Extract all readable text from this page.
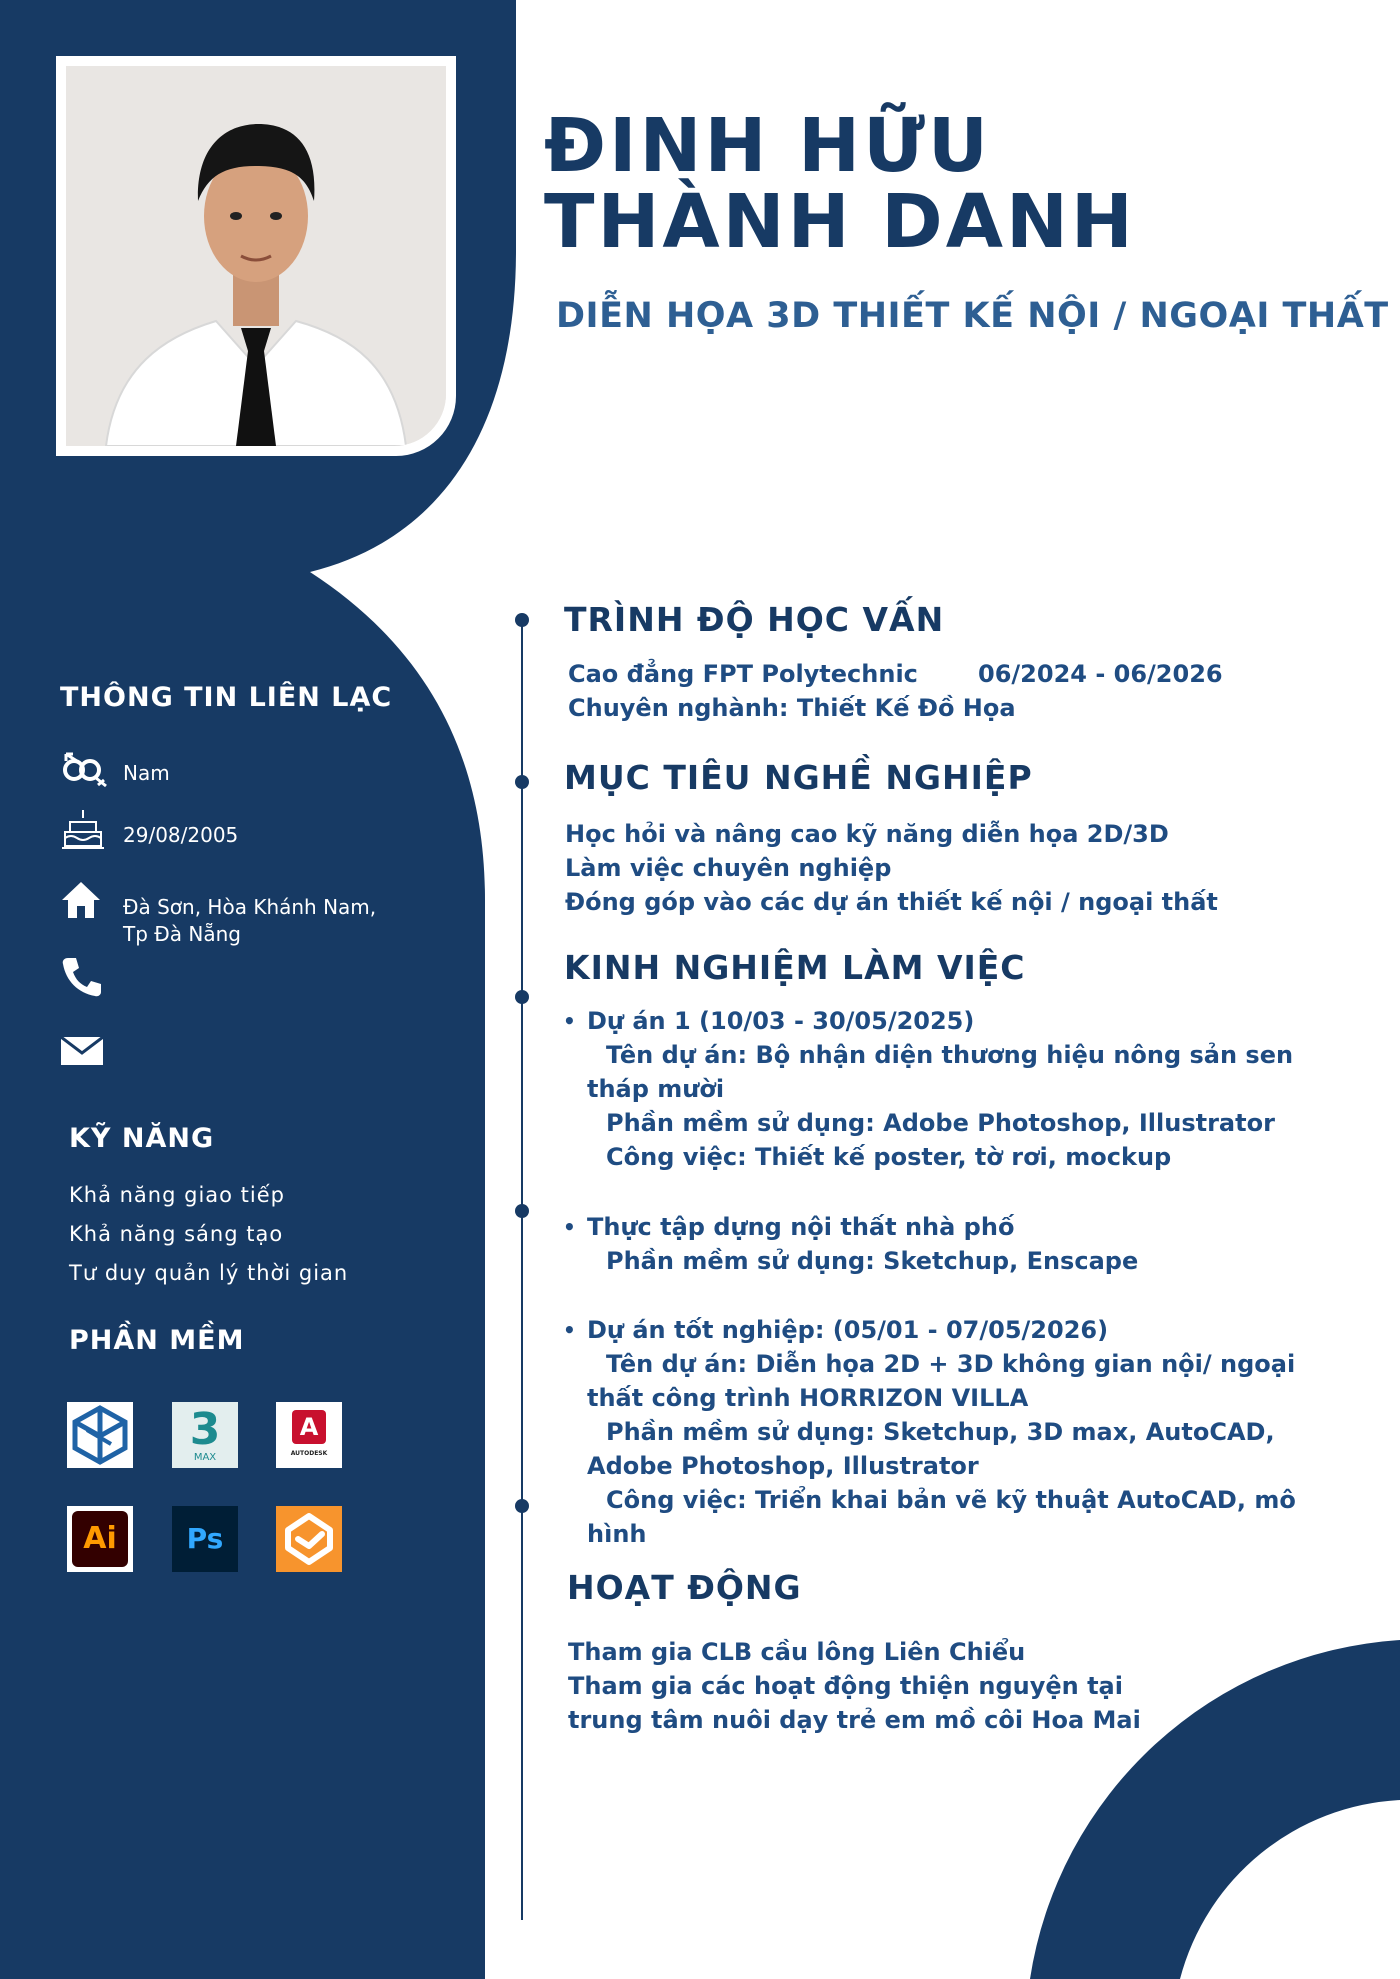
ĐINH HỮU
THÀNH DANH
DIỄN HỌA 3D THIẾT KẾ NỘI / NGOẠI THẤT
THÔNG TIN LIÊN LẠC
Nam
29/08/2005
Đà Sơn, Hòa Khánh Nam,
Tp Đà Nẵng
KỸ NĂNG
Khả năng giao tiếp
Khả năng sáng tạo
Tư duy quản lý thời gian
PHẦN MỀM
3
MAX
A
AUTODESK
Ai	Ps
TRÌNH ĐỘ HỌC VẤN
Cao đẳng FPT Polytechnic	06/2024 - 06/2026
Chuyên nghành: Thiết Kế Đồ Họa
MỤC TIÊU NGHỀ NGHIỆP
Học hỏi và nâng cao kỹ năng diễn họa 2D/3D
Làm việc chuyên nghiệp
Đóng góp vào các dự án thiết kế nội / ngoại thất
KINH NGHIỆM LÀM VIỆC
• Dự án 1 (10/03 - 30/05/2025)
Tên dự án: Bộ nhận diện thương hiệu nông sản sen
tháp mười
Phần mềm sử dụng: Adobe Photoshop, Illustrator
Công việc: Thiết kế poster, tờ rơi, mockup
• Thực tập dựng nội thất nhà phố
Phần mềm sử dụng: Sketchup, Enscape
• Dự án tốt nghiệp: (05/01 - 07/05/2026)
Tên dự án: Diễn họa 2D + 3D không gian nội/ ngoại
thất công trình HORRIZON VILLA
Phần mềm sử dụng: Sketchup, 3D max, AutoCAD,
Adobe Photoshop, Illustrator
Công việc: Triển khai bản vẽ kỹ thuật AutoCAD, mô
hình
HOẠT ĐỘNG
Tham gia CLB cầu lông Liên Chiểu
Tham gia các hoạt động thiện nguyện tại
trung tâm nuôi dạy trẻ em mồ côi Hoa Mai
